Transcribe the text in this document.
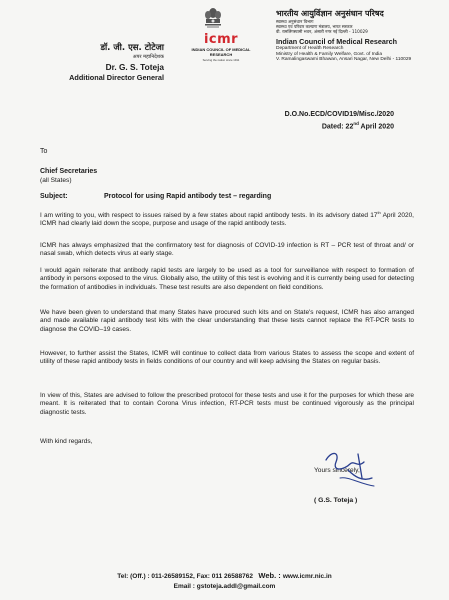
डॉ. जी. एस. टोटेजा
अपर महानिदेशक
Dr. G. S. Toteja
Additional Director General
icmr
INDIAN COUNCIL OF MEDICAL RESEARCH
Serving the nation since 1911
भारतीय आयुर्विज्ञान अनुसंधान परिषद
स्वास्थ्य अनुसंधान विभाग
स्वास्थ्य एवं परिवार कल्याण मंत्रालय, भारत सरकार
वी. रामलिंगस्वामी भवन, अंसारी नगर नई दिल्ली - 110029
Indian Council of Medical Research
Department of Health Research
Ministry of Health & Family Welfare, Govt. of India
V. Ramalingaswami Bhawan, Ansari Nagar, New Delhi - 110029
D.O.No.ECD/COVID19/Misc./2020
Dated: 22nd April 2020
To
Chief Secretaries
(all States)
Subject:	Protocol for using Rapid antibody test – regarding
I am writing to you, with respect to issues raised by a few states about rapid antibody tests. In its advisory dated 17th April 2020, ICMR had clearly laid down the scope, purpose and usage of the rapid antibody tests.
ICMR has always emphasized that the confirmatory test for diagnosis of COVID-19 infection is RT – PCR test of throat and/ or nasal swab, which detects virus at early stage.
I would again reiterate that antibody rapid tests are largely to be used as a tool for surveillance with respect to formation of antibody in persons exposed to the virus. Globally also, the utility of this test is evolving and it is currently being used for detecting the formation of antibodies in individuals. These test results are also dependent on field conditions.
We have been given to understand that many States have procured such kits and on State's request, ICMR has also arranged and made available rapid antibody test kits with the clear understanding that these tests cannot replace the RT-PCR tests to diagnose the COVID–19 cases.
However, to further assist the States, ICMR will continue to collect data from various States to assess the scope and extent of utility of these rapid antibody tests in fields conditions of our country and will keep advising the States on regular basis.
In view of this, States are advised to follow the prescribed protocol for these tests and use it for the purposes for which these are meant. It is reiterated that to contain Corona Virus infection, RT-PCR tests must be continued vigorously as the principal diagnostic tests.
With kind regards,
Yours sincerely,
( G.S. Toteja )
Tel: (Off.) : 011-26589152, Fax: 011 26588762 Web. : www.icmr.nic.in
Email : gstoteja.addl@gmail.com
